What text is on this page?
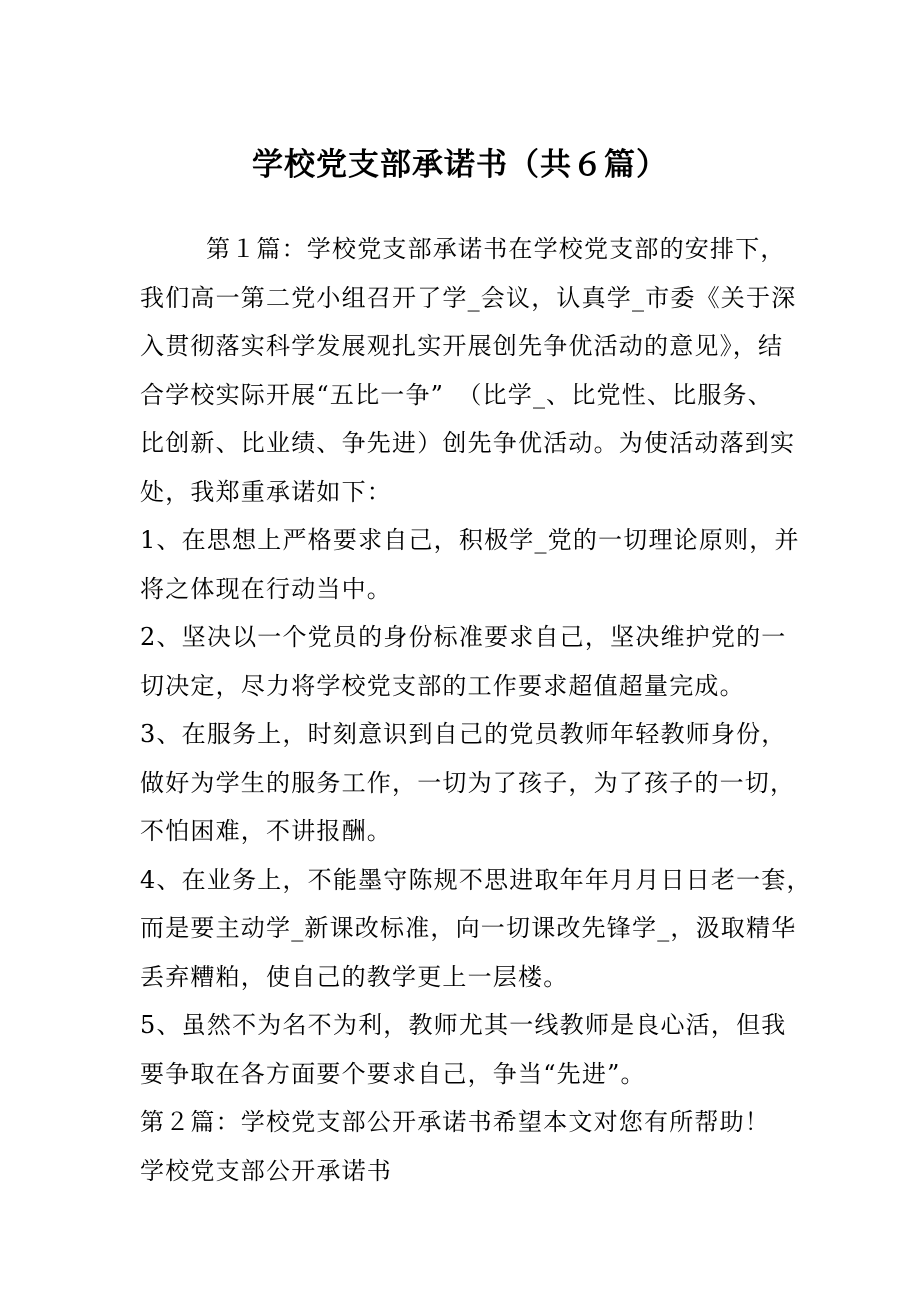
学校党支部承诺书（共６篇）
第１篇：学校党支部承诺书在学校党支部的安排下，
我们高一第二党小组召开了学_会议，认真学_市委《关于深
入贯彻落实科学发展观扎实开展创先争优活动的意见》，结
合学校实际开展“五比一争”　（比学_、比党性、比服务、
比创新、比业绩、争先进）创先争优活动。为使活动落到实
处，我郑重承诺如下：
1、在思想上严格要求自己，积极学_党的一切理论原则，并
将之体现在行动当中。
2、坚决以一个党员的身份标准要求自己，坚决维护党的一
切决定，尽力将学校党支部的工作要求超值超量完成。
3、在服务上，时刻意识到自己的党员教师年轻教师身份，
做好为学生的服务工作，一切为了孩子，为了孩子的一切，
不怕困难，不讲报酬。
4、在业务上，不能墨守陈规不思进取年年月月日日老一套，
而是要主动学_新课改标准，向一切课改先锋学_，汲取精华
丢弃糟粕，使自己的教学更上一层楼。
5、虽然不为名不为利，教师尤其一线教师是良心活，但我
要争取在各方面要个要求自己，争当“先进”。
第２篇：学校党支部公开承诺书希望本文对您有所帮助！
学校党支部公开承诺书
